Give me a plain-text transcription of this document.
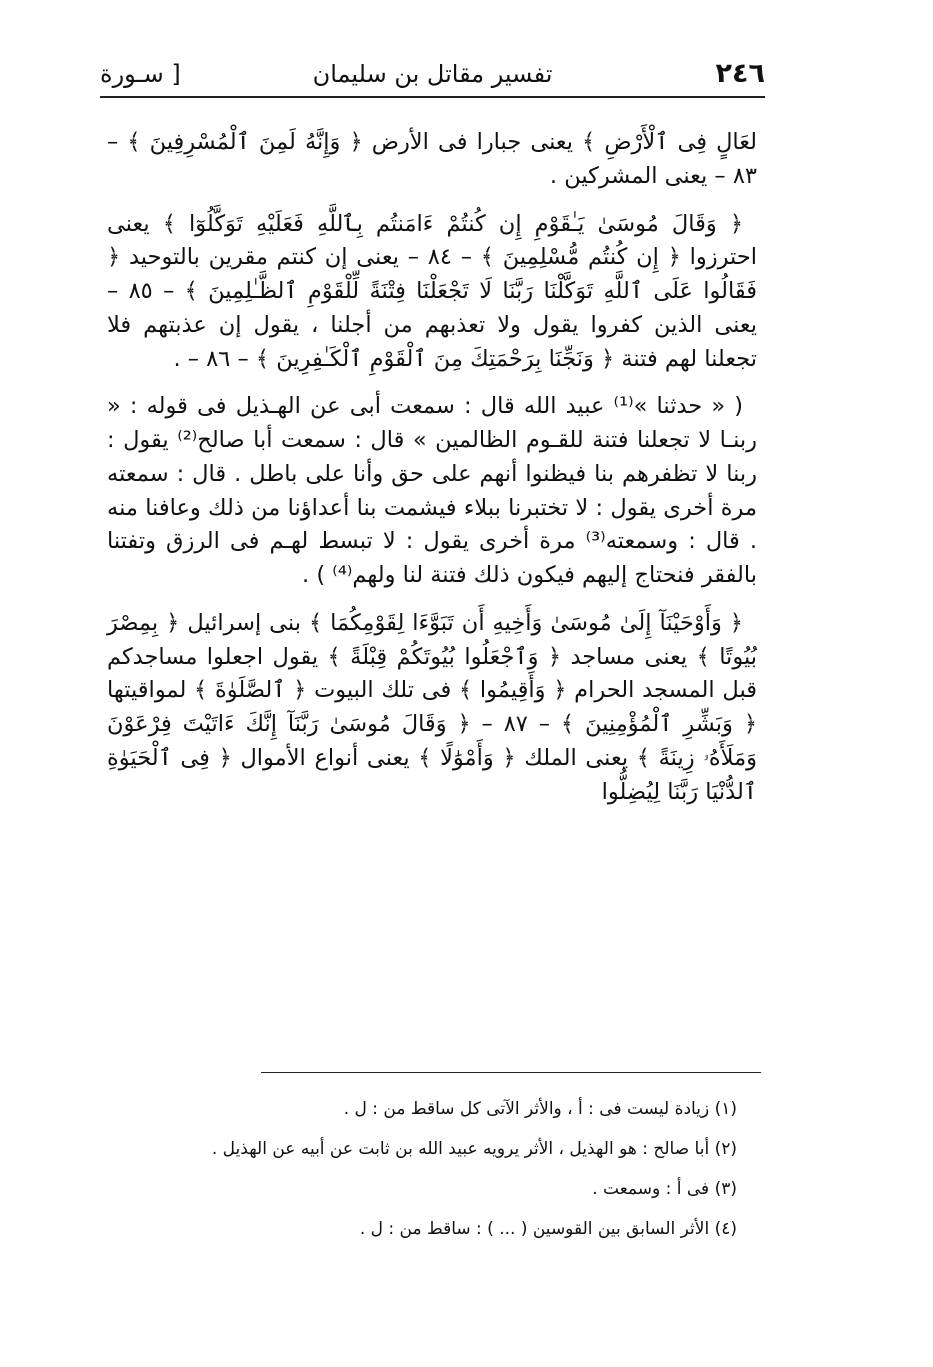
٢٤٦
تفسير مقاتل بن سليمان
[ سـورة

لعَالٍ فِى ٱلْأَرْضِ ﴾ يعنى جبارا فى الأرض ﴿ وَإِنَّهُ لَمِنَ ٱلْمُسْرِفِينَ ﴾ – ٨٣ – يعنى المشركين .

﴿ وَقَالَ مُوسَىٰ يَـٰقَوْمِ إِن كُنتُمْ ءَامَنتُم بِٱللَّهِ فَعَلَيْهِ تَوَكَّلُوٓا ﴾ يعنى احترزوا ﴿ إِن كُنتُم مُّسْلِمِينَ ﴾ – ٨٤ – يعنى إن كنتم مقرين بالتوحيد ﴿ فَقَالُوا عَلَى ٱللَّهِ تَوَكَّلْنَا رَبَّنَا لَا تَجْعَلْنَا فِتْنَةً لِّلْقَوْمِ ٱلظَّـٰلِمِينَ ﴾ – ٨٥ – يعنى الذين كفروا يقول ولا تعذبهم من أجلنا ، يقول إن عذبتهم فلا تجعلنا لهم فتنة ﴿ وَنَجِّنَا بِرَحْمَتِكَ مِنَ ٱلْقَوْمِ ٱلْكَـٰفِرِينَ ﴾ – ٨٦ – .

( « حدثنا »⁽¹⁾ عبيد الله قال : سمعت أبى عن الهـذيل فى قوله : « ربنـا لا تجعلنا فتنة للقـوم الظالمين » قال : سمعت أبا صالح⁽²⁾ يقول : ربنا لا تظفرهم بنا فيظنوا أنهم على حق وأنا على باطل . قال : سمعته مرة أخرى يقول : لا تختبرنا ببلاء فيشمت بنا أعداؤنا من ذلك وعافنا منه . قال : وسمعته⁽³⁾ مرة أخرى يقول : لا تبسط لهـم فى الرزق وتفتنا بالفقر فنحتاج إليهم فيكون ذلك فتنة لنا ولهم⁽⁴⁾ ) .

﴿ وَأَوْحَيْنَآ إِلَىٰ مُوسَىٰ وَأَخِيهِ أَن تَبَوَّءَا لِقَوْمِكُمَا ﴾ بنى إسرائيل ﴿ بِمِصْرَ بُيُوتًا ﴾ يعنى مساجد ﴿ وَٱجْعَلُوا بُيُوتَكُمْ قِبْلَةً ﴾ يقول اجعلوا مساجدكم قبل المسجد الحرام ﴿ وَأَقِيمُوا ﴾ فى تلك البيوت ﴿ ٱلصَّلَوٰةَ ﴾ لمواقيتها ﴿ وَبَشِّرِ ٱلْمُؤْمِنِينَ ﴾ – ٨٧ – ﴿ وَقَالَ مُوسَىٰ رَبَّنَآ إِنَّكَ ءَاتَيْتَ فِرْعَوْنَ وَمَلَأَهُۥ زِينَةً ﴾ يعنى الملك ﴿ وَأَمْوَٰلًا ﴾ يعنى أنواع الأموال ﴿ فِى ٱلْحَيَوٰةِ ٱلدُّنْيَا رَبَّنَا لِيُضِلُّوا

(١) زيادة ليست فى : أ ، والأثر الآتى كل ساقط من : ل .

(٢) أبا صالح : هو الهذيل ، الأثر يرويه عبيد الله بن ثابت عن أبيه عن الهذيل .

(٣) فى أ : وسمعت .

(٤) الأثر السابق بين القوسين ( ... ) : ساقط من : ل .
